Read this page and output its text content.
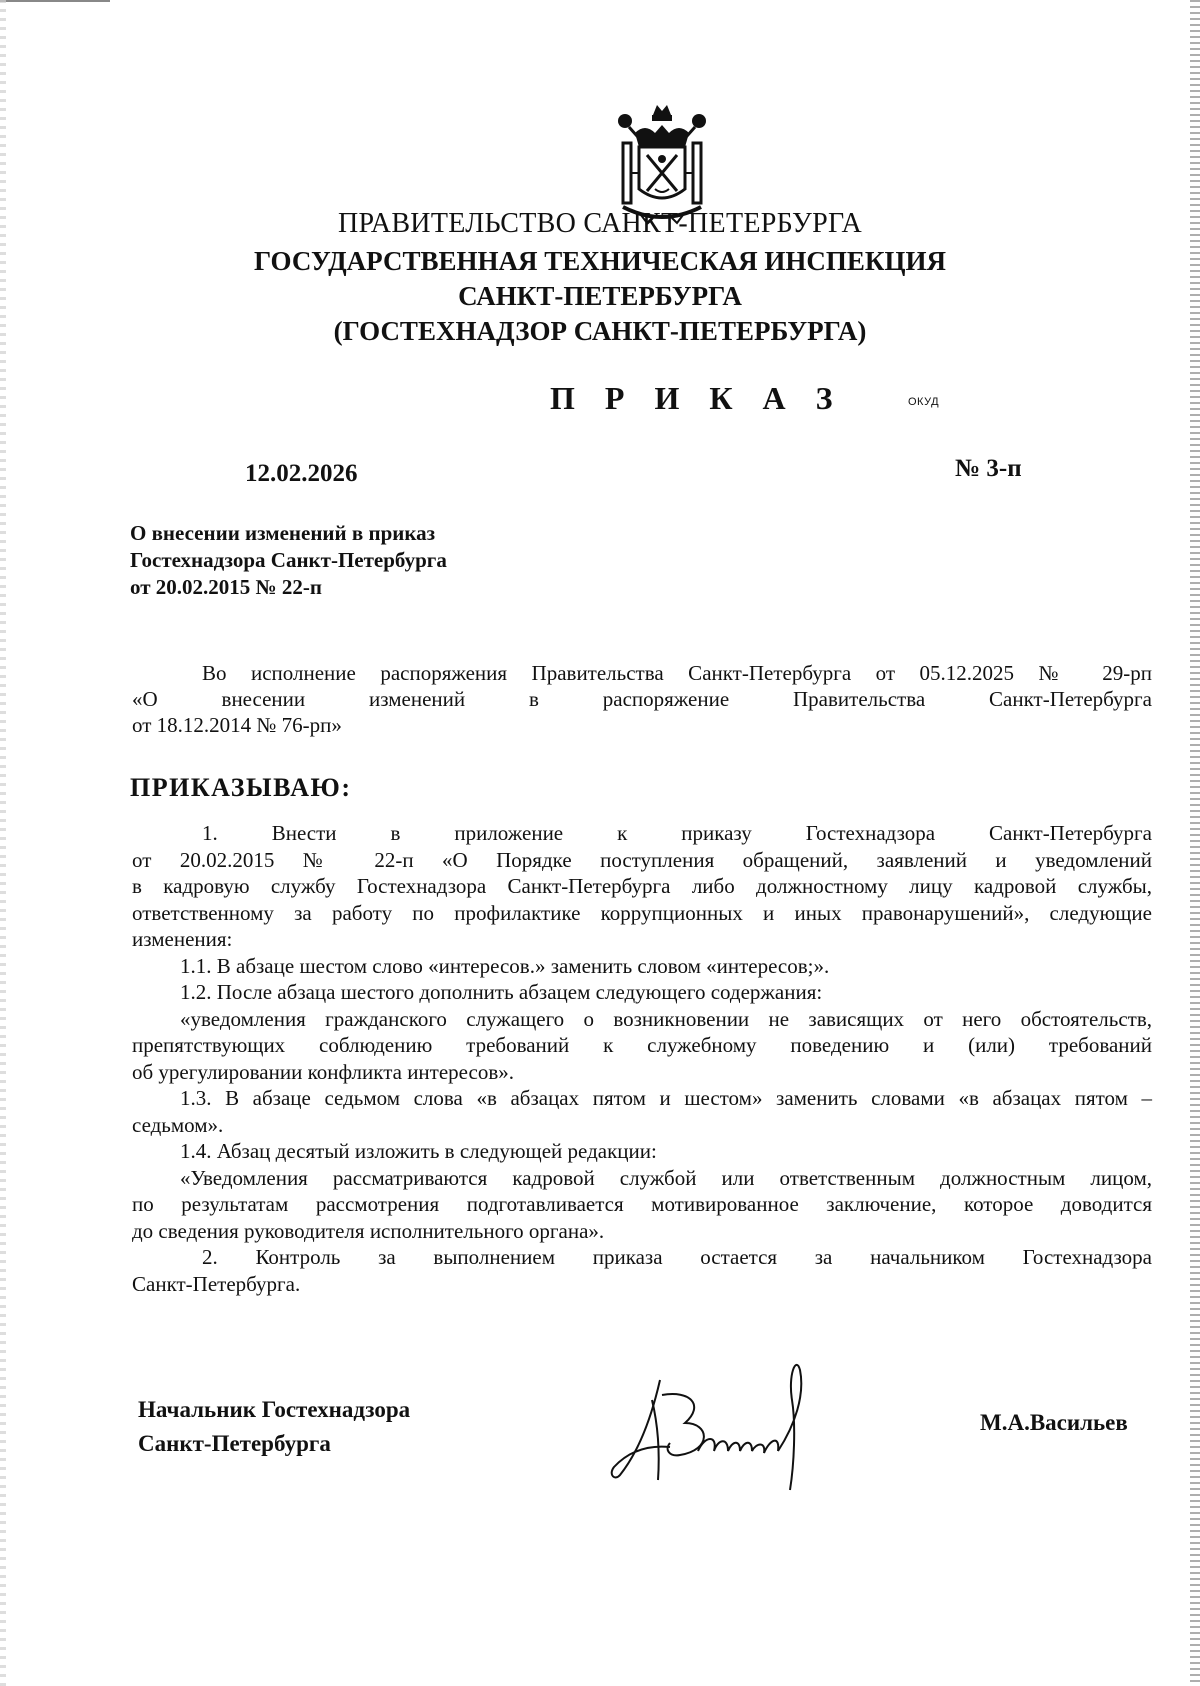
ПРАВИТЕЛЬСТВО САНКТ-ПЕТЕРБУРГА
ГОСУДАРСТВЕННАЯ ТЕХНИЧЕСКАЯ ИНСПЕКЦИЯ
САНКТ-ПЕТЕРБУРГА
(ГОСТЕХНАДЗОР САНКТ-ПЕТЕРБУРГА)
П Р И К А З	ОКУД
12.02.2026	№ 3-п
О внесении изменений в приказ
Гостехнадзора Санкт-Петербурга
от 20.02.2015 № 22-п
Во исполнение распоряжения Правительства Санкт-Петербурга от 05.12.2025 № 29-рп
«О внесении изменений в распоряжение Правительства Санкт-Петербурга
от 18.12.2014 № 76-рп»
ПРИКАЗЫВАЮ:
1. Внести в приложение к приказу Гостехнадзора Санкт-Петербурга
от 20.02.2015 № 22-п «О Порядке поступления обращений, заявлений и уведомлений
в кадровую службу Гостехнадзора Санкт-Петербурга либо должностному лицу кадровой службы,
ответственному за работу по профилактике коррупционных и иных правонарушений», следующие
изменения:
1.1. В абзаце шестом слово «интересов.» заменить словом «интересов;».
1.2. После абзаца шестого дополнить абзацем следующего содержания:
«уведомления гражданского служащего о возникновении не зависящих от него обстоятельств,
препятствующих соблюдению требований к служебному поведению и (или) требований
об урегулировании конфликта интересов».
1.3. В абзаце седьмом слова «в абзацах пятом и шестом» заменить словами «в абзацах пятом –
седьмом».
1.4. Абзац десятый изложить в следующей редакции:
«Уведомления рассматриваются кадровой службой или ответственным должностным лицом,
по результатам рассмотрения подготавливается мотивированное заключение, которое доводится
до сведения руководителя исполнительного органа».
2. Контроль за выполнением приказа остается за начальником Гостехнадзора
Санкт-Петербурга.
Начальник Гостехнадзора
Санкт-Петербурга
М.А.Васильев
